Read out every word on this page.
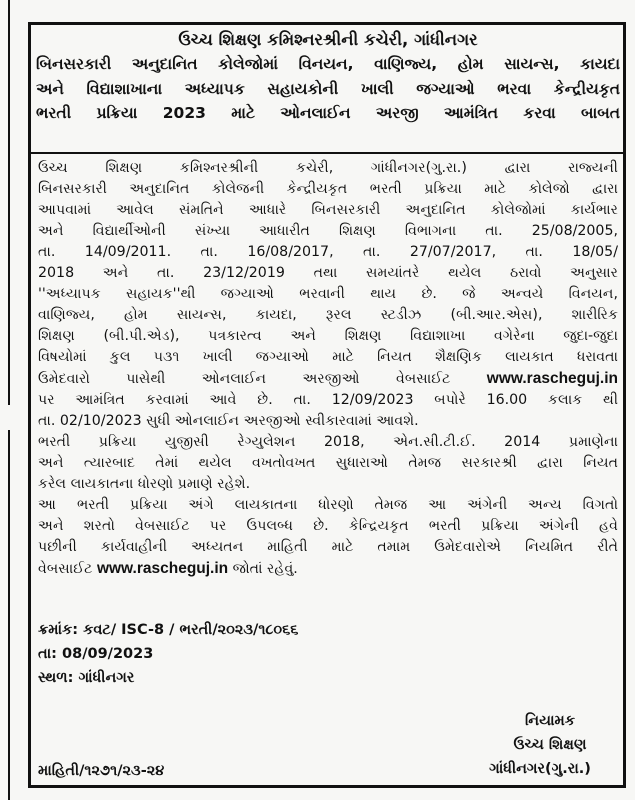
ઉચ્ચ શિક્ષણ કમિશ્નરશ્રીની કચેરી, ગાંધીનગર
બિનસરકારી અનુદાનિત કોલેજોમાં વિનયન, વાણિજ્ય, હોમ સાયન્સ, કાયદા
અને વિદ્યાશાખાના અધ્યાપક સહાયકોની ખાલી જગ્યાઓ ભરવા કેન્દ્રીયકૃત
ભરતી પ્રક્રિયા 2023 માટે ઓનલાઈન અરજી આમંત્રિત કરવા બાબત
ઉચ્ચ શિક્ષણ કમિશ્નરશ્રીની કચેરી, ગાંધીનગર(ગુ.રા.) દ્વારા રાજ્યની
બિનસરકારી અનુદાનિત કોલેજની કેન્દ્રીયકૃત ભરતી પ્રક્રિયા માટે કોલેજો દ્વારા
આપવામાં આવેલ સંમતિને આધારે બિનસરકારી અનુદાનિત કોલેજોમાં કાર્યભાર
અને વિદ્યાર્થીઓની સંખ્યા આધારીત શિક્ષણ વિભાગના તા. 25/08/2005,
તા. 14/09/2011. તા. 16/08/2017, તા. 27/07/2017, તા. 18/05/
2018 અને તા. 23/12/2019 તથા સમયાંતરે થયેલ ઠરાવો અનુસાર
''અધ્યાપક સહાયક''થી જગ્યાઓ ભરવાની થાય છે. જે અન્વયે વિનયન,
વાણિજ્ય, હોમ સાયન્સ, કાયદા, રૂરલ સ્ટડીઝ (બી.આર.એસ), શારીરિક
શિક્ષણ (બી.પી.એડ), પત્રકારત્વ અને શિક્ષણ વિદ્યાશાખા વગેરેના જુદા-જુદા
વિષયોમાં કુલ ૫૩૧ ખાલી જગ્યાઓ માટે નિયત શૈક્ષણિક લાયકાત ધરાવતા
ઉમેદવારો પાસેથી ઓનલાઈન અરજીઓ વેબસાઈટ www.rascheguj.in
પર આમંત્રિત કરવામાં આવે છે. તા. 12/09/2023 બપોરે 16.00 કલાક થી
તા. 02/10/2023 સુધી ઓનલાઈન અરજીઓ સ્વીકારવામાં આવશે.
ભરતી પ્રક્રિયા યુજીસી રેગ્યુલેશન 2018, એન.સી.ટી.ઈ. 2014 પ્રમાણેના
અને ત્યારબાદ તેમાં થયેલ વખતોવખત સુધારાઓ તેમજ સરકારશ્રી દ્વારા નિયત
કરેલ લાયકાતના ધોરણો પ્રમાણે રહેશે.
આ ભરતી પ્રક્રિયા અંગે લાયકાતના ધોરણો તેમજ આ અંગેની અન્ય વિગતો
અને શરતો વેબસાઈટ પર ઉપલબ્ધ છે. કેન્દ્રિયકૃત ભરતી પ્રક્રિયા અંગેની હવે
પછીની કાર્યવાહીની અધ્યતન માહિતી માટે તમામ ઉમેદવારોએ નિયમિત રીતે
વેબસાઈટ www.rascheguj.in જોતાં રહેવું.
ક્રમાંક: કવટ/ ISC-8 / ભરતી/૨૦૨૩/૧૮૦૬૬
તા: 08/09/2023
સ્થળ: ગાંધીનગર
નિયામક
ઉચ્ચ શિક્ષણ
ગાંધીનગર(ગુ.રા.)
માહિતી/૧૨૭૧/૨૩-૨૪
